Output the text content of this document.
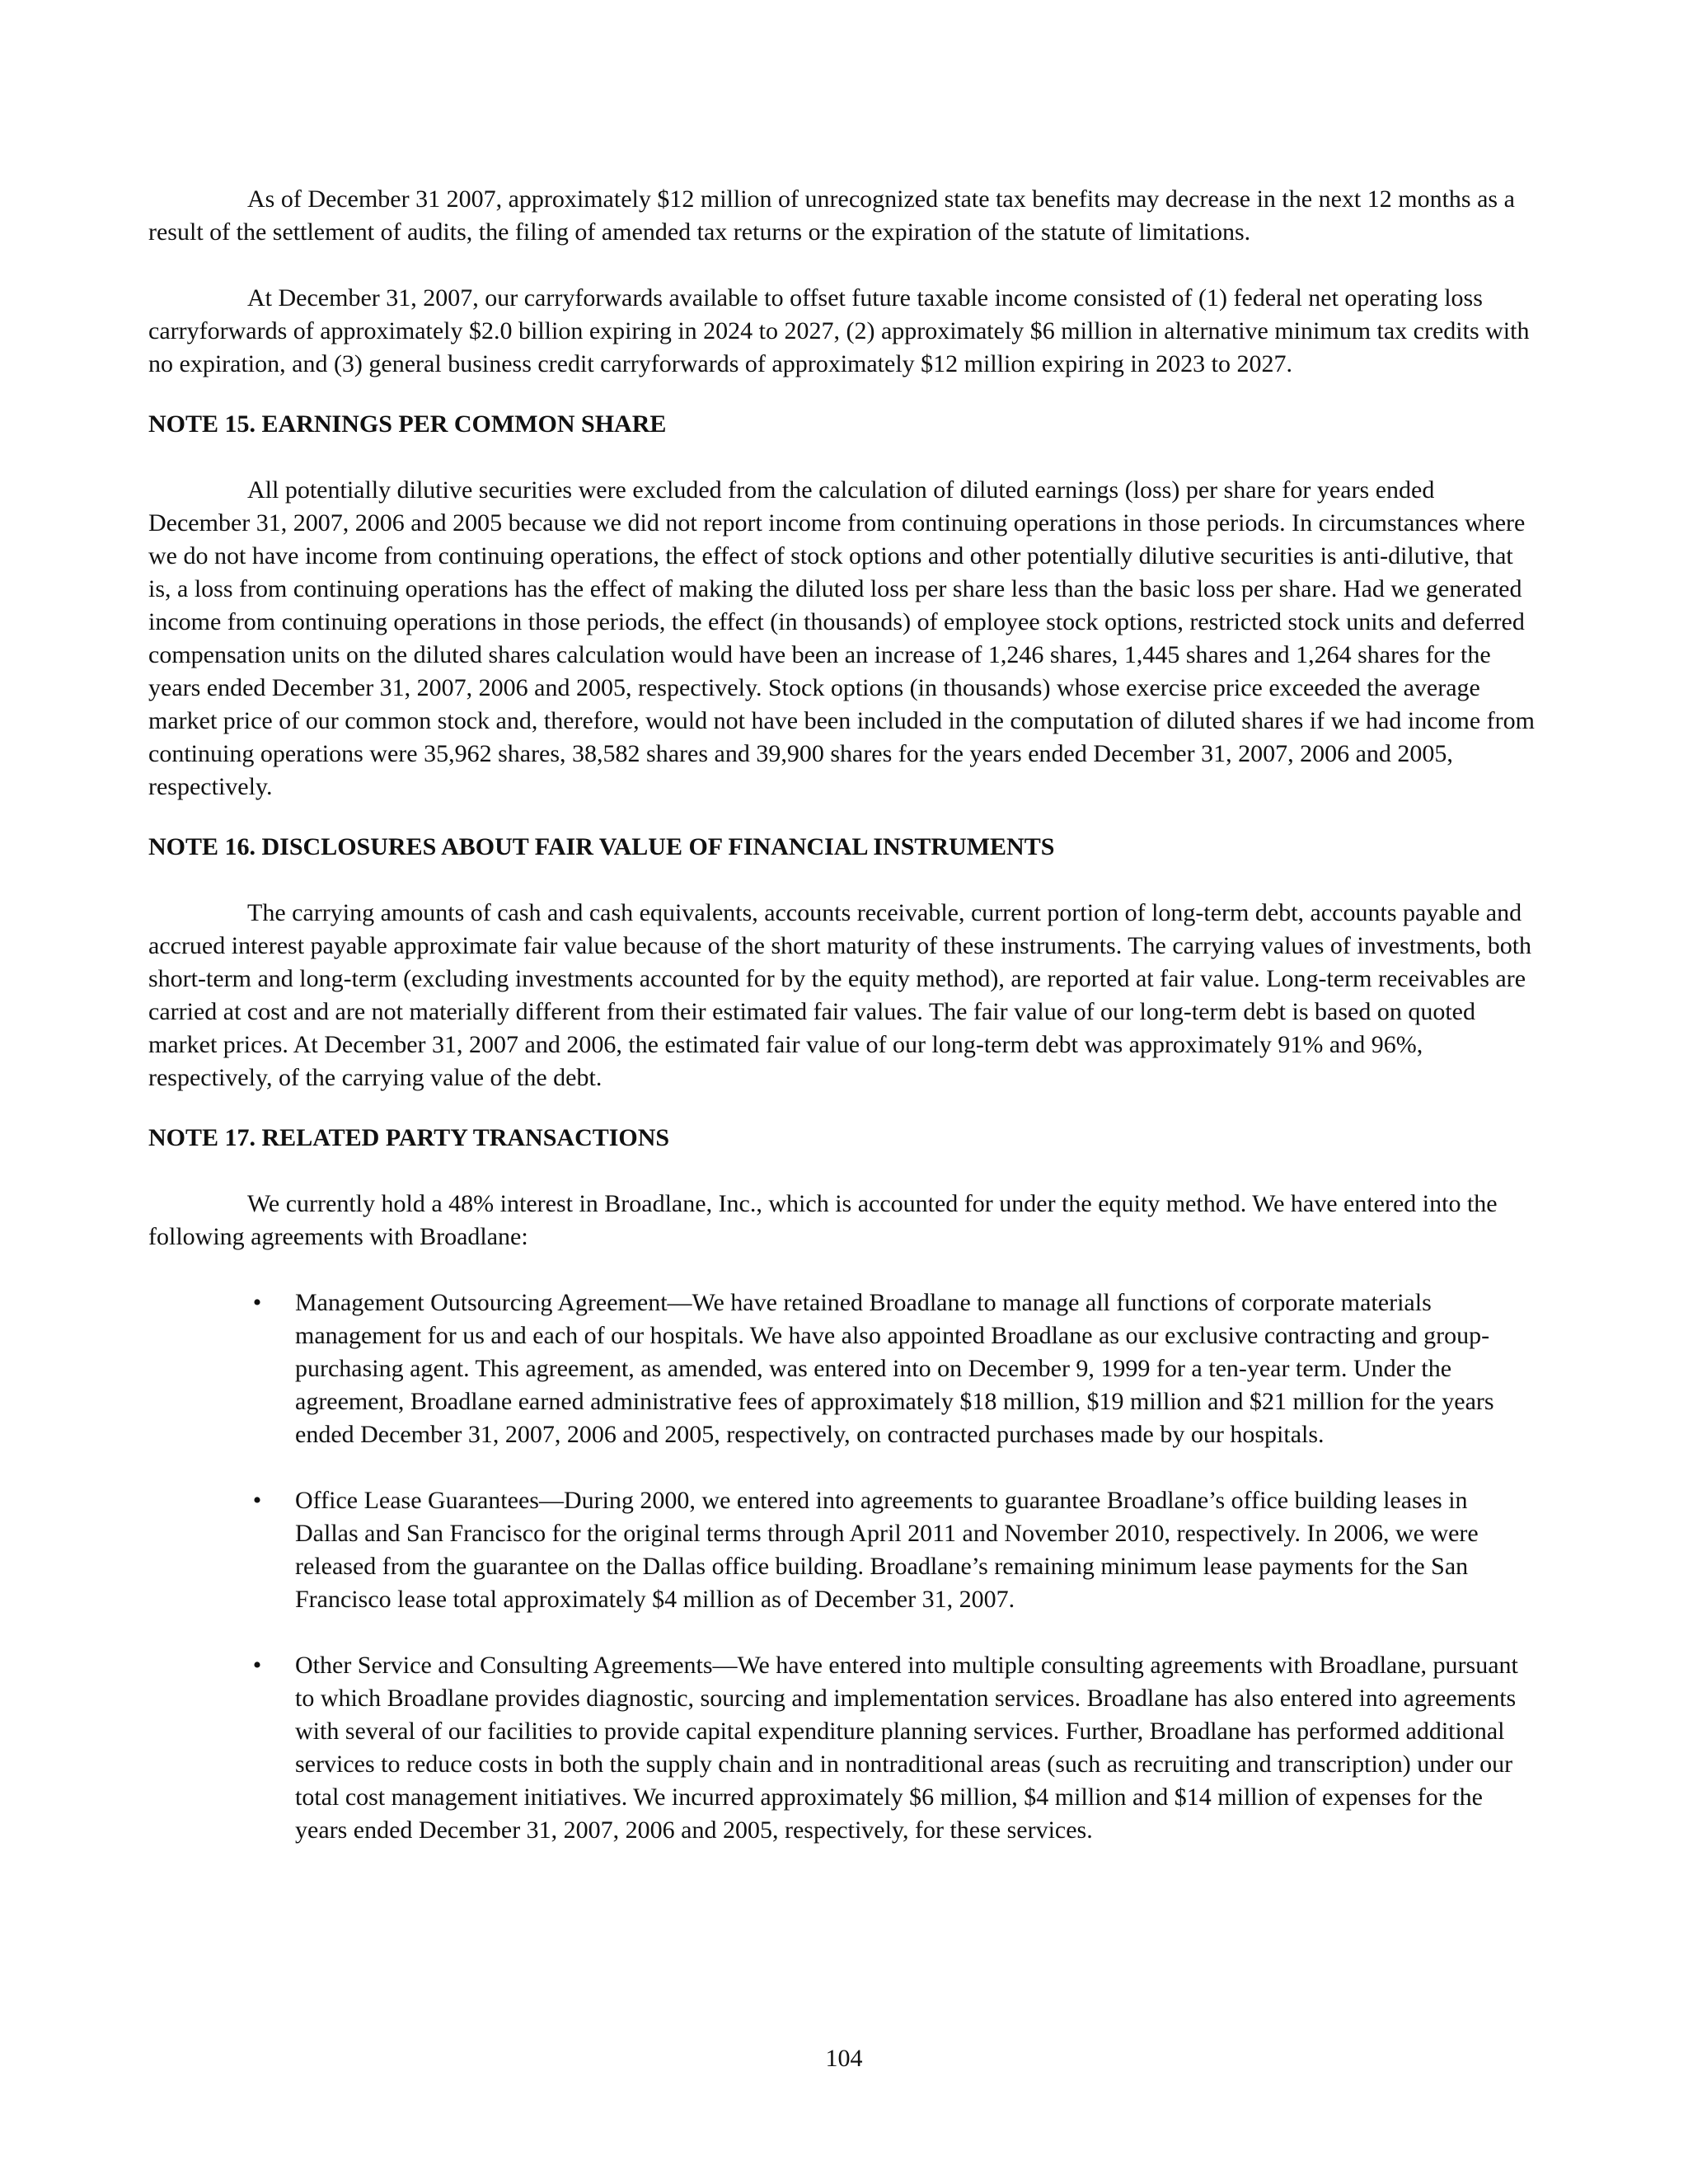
As of December 31 2007, approximately $12 million of unrecognized state tax benefits may decrease in the next 12 months as a result of the settlement of audits, the filing of amended tax returns or the expiration of the statute of limitations.

At December 31, 2007, our carryforwards available to offset future taxable income consisted of (1) federal net operating loss carryforwards of approximately $2.0 billion expiring in 2024 to 2027, (2) approximately $6 million in alternative minimum tax credits with no expiration, and (3) general business credit carryforwards of approximately $12 million expiring in 2023 to 2027.

NOTE 15. EARNINGS PER COMMON SHARE

All potentially dilutive securities were excluded from the calculation of diluted earnings (loss) per share for years ended December 31, 2007, 2006 and 2005 because we did not report income from continuing operations in those periods. In circumstances where we do not have income from continuing operations, the effect of stock options and other potentially dilutive securities is anti-dilutive, that is, a loss from continuing operations has the effect of making the diluted loss per share less than the basic loss per share. Had we generated income from continuing operations in those periods, the effect (in thousands) of employee stock options, restricted stock units and deferred compensation units on the diluted shares calculation would have been an increase of 1,246 shares, 1,445 shares and 1,264 shares for the years ended December 31, 2007, 2006 and 2005, respectively. Stock options (in thousands) whose exercise price exceeded the average market price of our common stock and, therefore, would not have been included in the computation of diluted shares if we had income from continuing operations were 35,962 shares, 38,582 shares and 39,900 shares for the years ended December 31, 2007, 2006 and 2005, respectively.

NOTE 16. DISCLOSURES ABOUT FAIR VALUE OF FINANCIAL INSTRUMENTS

The carrying amounts of cash and cash equivalents, accounts receivable, current portion of long-term debt, accounts payable and accrued interest payable approximate fair value because of the short maturity of these instruments. The carrying values of investments, both short-term and long-term (excluding investments accounted for by the equity method), are reported at fair value. Long-term receivables are carried at cost and are not materially different from their estimated fair values. The fair value of our long-term debt is based on quoted market prices. At December 31, 2007 and 2006, the estimated fair value of our long-term debt was approximately 91% and 96%, respectively, of the carrying value of the debt.

NOTE 17. RELATED PARTY TRANSACTIONS

We currently hold a 48% interest in Broadlane, Inc., which is accounted for under the equity method. We have entered into the following agreements with Broadlane:

•	Management Outsourcing Agreement—We have retained Broadlane to manage all functions of corporate materials management for us and each of our hospitals. We have also appointed Broadlane as our exclusive contracting and group-purchasing agent. This agreement, as amended, was entered into on December 9, 1999 for a ten-year term. Under the agreement, Broadlane earned administrative fees of approximately $18 million, $19 million and $21 million for the years ended December 31, 2007, 2006 and 2005, respectively, on contracted purchases made by our hospitals.
•	Office Lease Guarantees—During 2000, we entered into agreements to guarantee Broadlane’s office building leases in Dallas and San Francisco for the original terms through April 2011 and November 2010, respectively. In 2006, we were released from the guarantee on the Dallas office building. Broadlane’s remaining minimum lease payments for the San Francisco lease total approximately $4 million as of December 31, 2007.
•	Other Service and Consulting Agreements—We have entered into multiple consulting agreements with Broadlane, pursuant to which Broadlane provides diagnostic, sourcing and implementation services. Broadlane has also entered into agreements with several of our facilities to provide capital expenditure planning services. Further, Broadlane has performed additional services to reduce costs in both the supply chain and in nontraditional areas (such as recruiting and transcription) under our total cost management initiatives. We incurred approximately $6 million, $4 million and $14 million of expenses for the years ended December 31, 2007, 2006 and 2005, respectively, for these services.
104
